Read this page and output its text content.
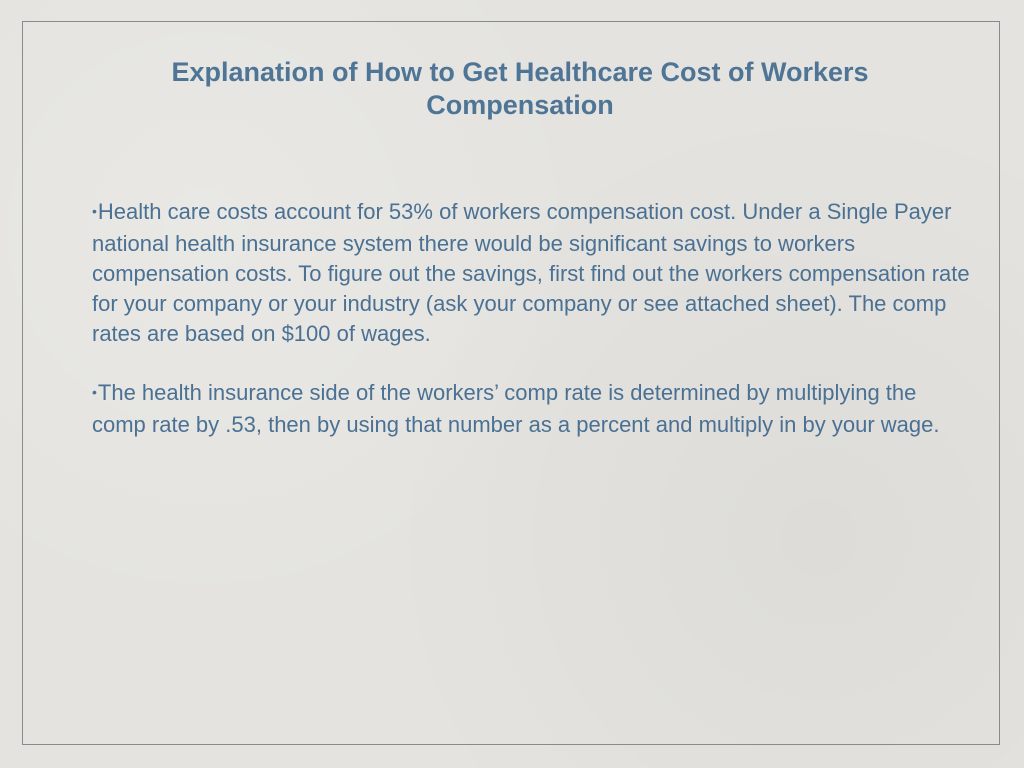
Explanation of How to Get Healthcare Cost of Workers Compensation

•Health care costs account for 53% of workers compensation cost. Under a Single Payer national health insurance system there would be significant savings to workers compensation costs. To figure out the savings, first find out the workers compensation rate for your company or your industry (ask your company or see attached sheet). The comp rates are based on $100 of wages.

•The health insurance side of the workers’ comp rate is determined by multiplying the comp rate by .53, then by using that number as a percent and multiply in by your wage.
